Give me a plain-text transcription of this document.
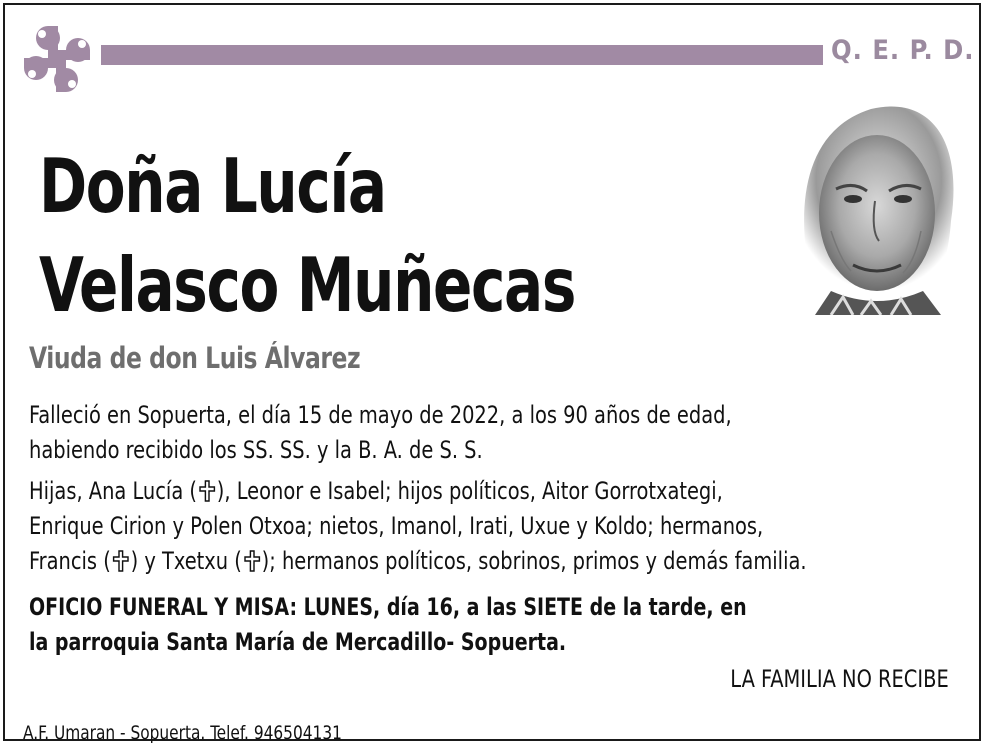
Q. E. P. D.
Doña Lucía
Velasco Muñecas
Viuda de don Luis Álvarez
Falleció en Sopuerta, el día 15 de mayo de 2022, a los 90 años de edad,
habiendo recibido los SS. SS. y la B. A. de S. S.
Hijas, Ana Lucía ( ), Leonor e Isabel; hijos políticos, Aitor Gorrotxategi,
Enrique Cirion y Polen Otxoa; nietos, Imanol, Irati, Uxue y Koldo; hermanos,
Francis ( ) y Txetxu ( ); hermanos políticos, sobrinos, primos y demás familia.
OFICIO FUNERAL Y MISA: LUNES, día 16, a las SIETE de la tarde, en
la parroquia Santa María de Mercadillo- Sopuerta.
LA FAMILIA NO RECIBE
A.F. Umaran - Sopuerta. Telef. 946504131
